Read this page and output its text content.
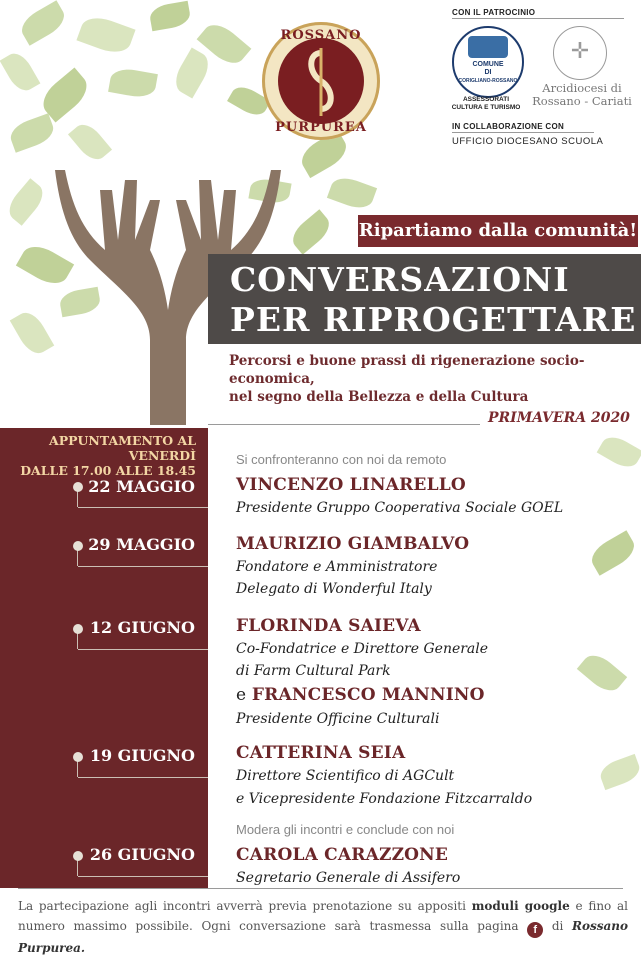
ROSSANO
PURPUREA
CON IL PATROCINIO
COMUNE
DI
CORIGLIANO-ROSSANO
ASSESSORATI
CULTURA E TURISMO
✛
Arcidiocesi di
Rossano - Cariati
IN COLLABORAZIONE CON
UFFICIO DIOCESANO SCUOLA
Ripartiamo dalla comunità!
CONVERSAZIONI
PER RIPROGETTARE
Percorsi e buone prassi di rigenerazione socio-economica,
nel segno della Bellezza e della Cultura
PRIMAVERA 2020
APPUNTAMENTO AL VENERDÌ
DALLE 17.00 ALLE 18.45
22 MAGGIO
29 MAGGIO
12 GIUGNO
19 GIUGNO
26 GIUGNO
Si confronteranno con noi da remoto
VINCENZO LINARELLO
Presidente Gruppo Cooperativa Sociale GOEL
MAURIZIO GIAMBALVO
Fondatore e Amministratore
Delegato di Wonderful Italy
FLORINDA SAIEVA
Co-Fondatrice e Direttore Generale
di Farm Cultural Park
e FRANCESCO MANNINO
Presidente Officine Culturali
CATTERINA SEIA
Direttore Scientifico di AGCult
e Vicepresidente Fondazione Fitzcarraldo
Modera gli incontri e conclude con noi
CAROLA CARAZZONE
Segretario Generale di Assifero
La partecipazione agli incontri avverrà previa prenotazione su appositi moduli google e fino al numero massimo possibile. Ogni conversazione sarà trasmessa sulla pagina f di Rossano Purpurea.
